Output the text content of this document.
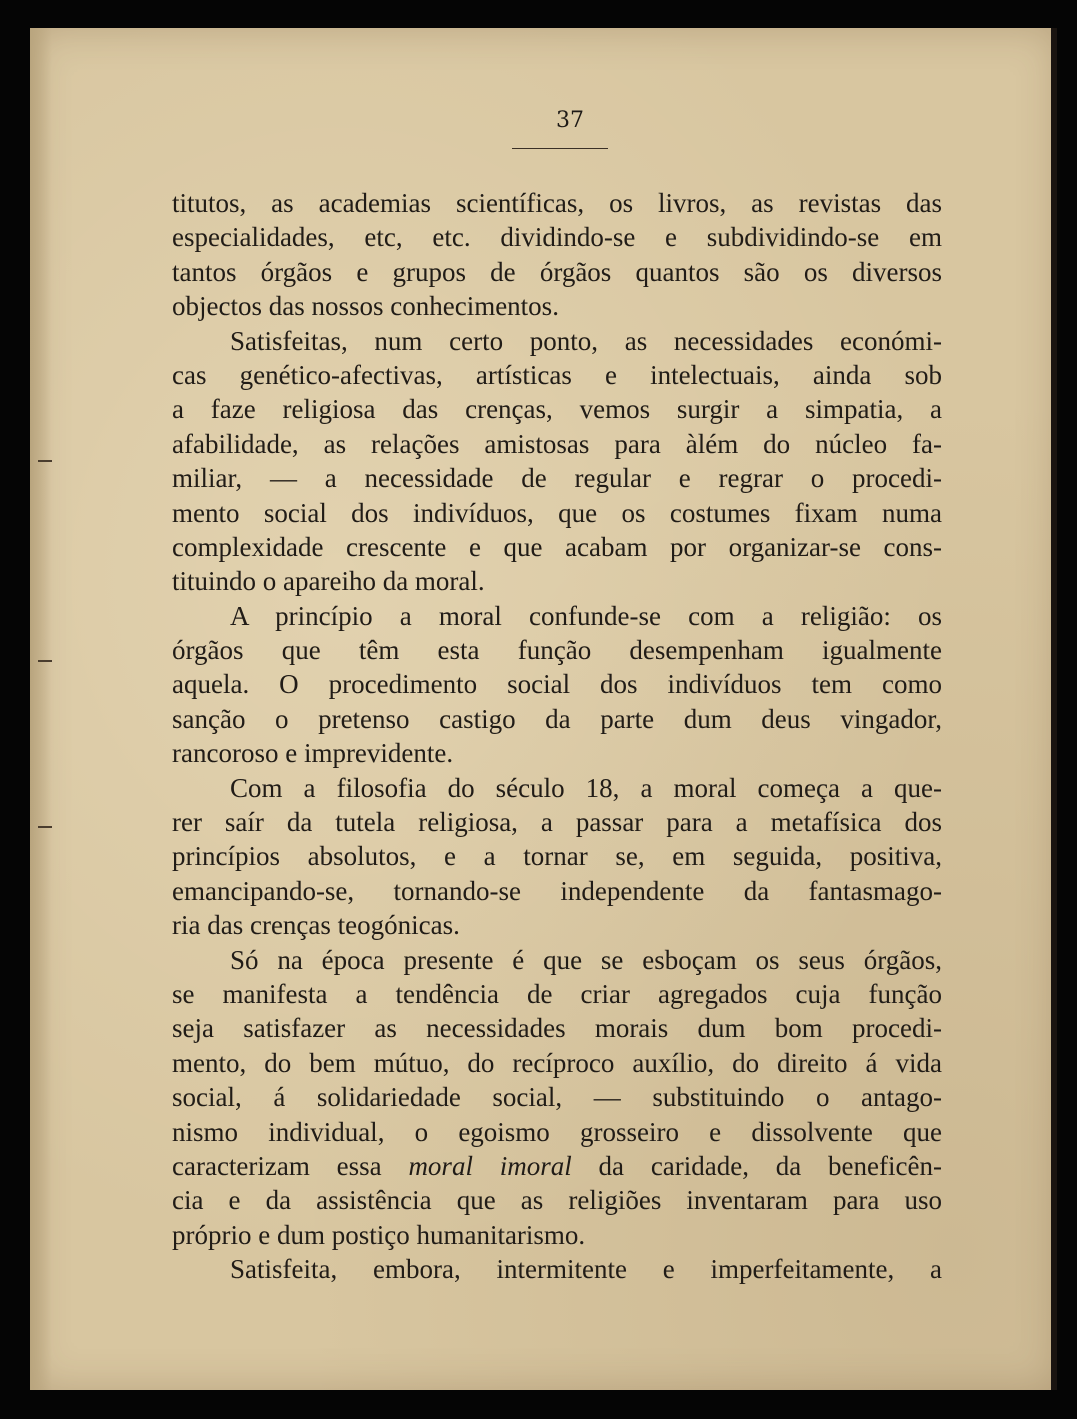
37
titutos, as academias scientíficas, os livros, as revistas das
especialidades, etc, etc. dividindo-se e subdividindo-se em
tantos órgãos e grupos de órgãos quantos são os diversos
objectos das nossos conhecimentos.
Satisfeitas, num certo ponto, as necessidades económi-
cas genético-afectivas, artísticas e intelectuais, ainda sob
a faze religiosa das crenças, vemos surgir a simpatia, a
afabilidade, as relações amistosas para àlém do núcleo fa-
miliar, — a necessidade de regular e regrar o procedi-
mento social dos indivíduos, que os costumes fixam numa
complexidade crescente e que acabam por organizar-se cons-
tituindo o apareiho da moral.
A princípio a moral confunde-se com a religião: os
órgãos que têm esta função desempenham igualmente
aquela. O procedimento social dos indivíduos tem como
sanção o pretenso castigo da parte dum deus vingador,
rancoroso e imprevidente.
Com a filosofia do século 18, a moral começa a que-
rer saír da tutela religiosa, a passar para a metafísica dos
princípios absolutos, e a tornar se, em seguida, positiva,
emancipando-se, tornando-se independente da fantasmago-
ria das crenças teogónicas.
Só na época presente é que se esboçam os seus órgãos,
se manifesta a tendência de criar agregados cuja função
seja satisfazer as necessidades morais dum bom procedi-
mento, do bem mútuo, do recíproco auxílio, do direito á vida
social, á solidariedade social, — substituindo o antago-
nismo individual, o egoismo grosseiro e dissolvente que
caracterizam essa moral imoral da caridade, da beneficên-
cia e da assistência que as religiões inventaram para uso
próprio e dum postiço humanitarismo.
Satisfeita, embora, intermitente e imperfeitamente, a
